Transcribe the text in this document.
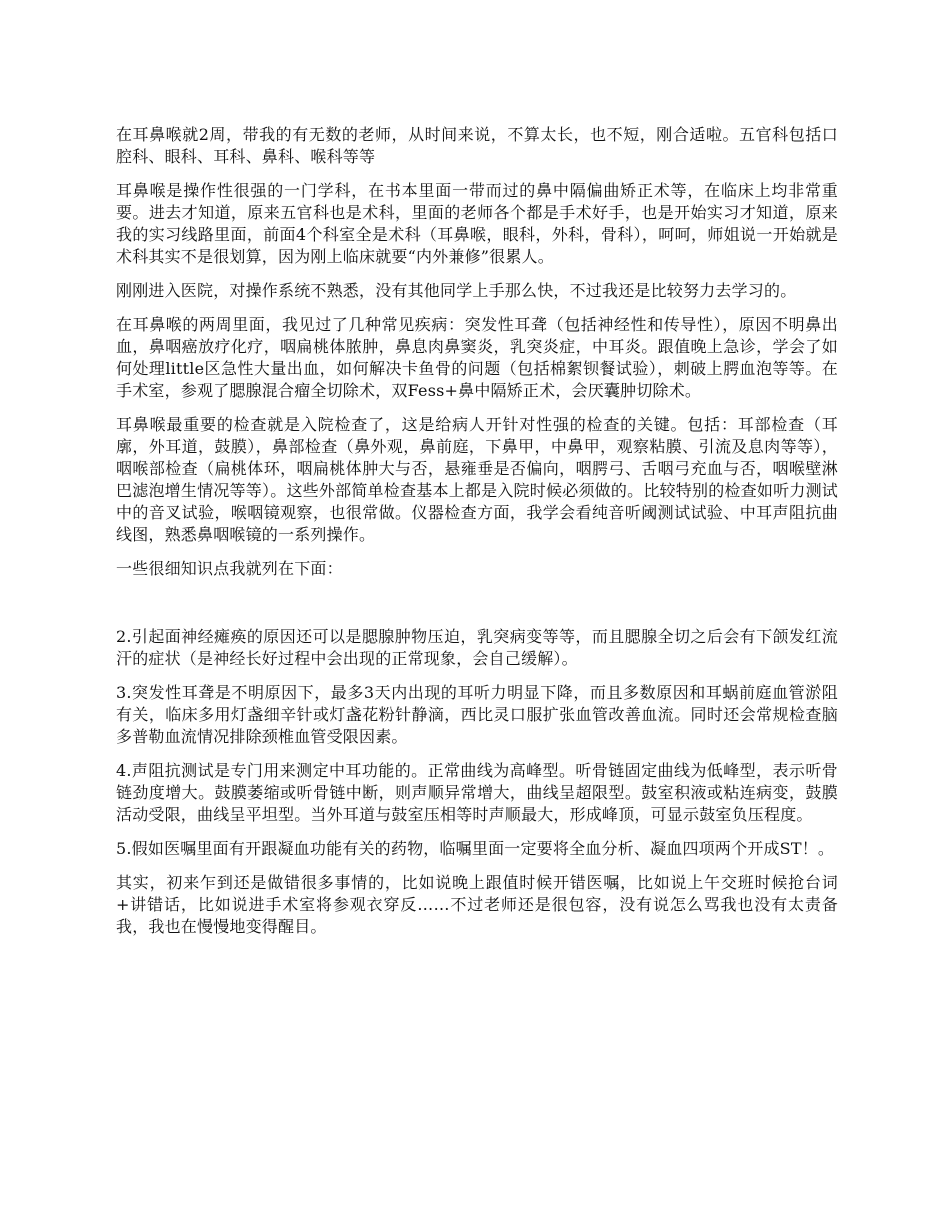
在耳鼻喉就2周，带我的有无数的老师，从时间来说，不算太长，也不短，刚合适啦。五官科包括口腔科、眼科、耳科、鼻科、喉科等等

耳鼻喉是操作性很强的一门学科，在书本里面一带而过的鼻中隔偏曲矫正术等，在临床上均非常重要。进去才知道，原来五官科也是术科，里面的老师各个都是手术好手，也是开始实习才知道，原来我的实习线路里面，前面4个科室全是术科（耳鼻喉，眼科，外科，骨科），呵呵，师姐说一开始就是术科其实不是很划算，因为刚上临床就要“内外兼修”很累人。

刚刚进入医院，对操作系统不熟悉，没有其他同学上手那么快，不过我还是比较努力去学习的。

在耳鼻喉的两周里面，我见过了几种常见疾病：突发性耳聋（包括神经性和传导性），原因不明鼻出血，鼻咽癌放疗化疗，咽扁桃体脓肿，鼻息肉鼻窦炎，乳突炎症，中耳炎。跟值晚上急诊，学会了如何处理little区急性大量出血，如何解决卡鱼骨的问题（包括棉絮钡餐试验），刺破上腭血泡等等。在手术室，参观了腮腺混合瘤全切除术，双Fess+鼻中隔矫正术，会厌囊肿切除术。

耳鼻喉最重要的检查就是入院检查了，这是给病人开针对性强的检查的关键。包括：耳部检查（耳廓，外耳道，鼓膜），鼻部检查（鼻外观，鼻前庭，下鼻甲，中鼻甲，观察粘膜、引流及息肉等等），咽喉部检查（扁桃体环，咽扁桃体肿大与否，悬雍垂是否偏向，咽腭弓、舌咽弓充血与否，咽喉壁淋巴滤泡增生情况等等）。这些外部简单检查基本上都是入院时候必须做的。比较特别的检查如听力测试中的音叉试验，喉咽镜观察，也很常做。仪器检查方面，我学会看纯音听阈测试试验、中耳声阻抗曲线图，熟悉鼻咽喉镜的一系列操作。

一些很细知识点我就列在下面：

2.引起面神经瘫痪的原因还可以是腮腺肿物压迫，乳突病变等等，而且腮腺全切之后会有下颌发红流汗的症状（是神经长好过程中会出现的正常现象，会自己缓解）。

3.突发性耳聋是不明原因下，最多3天内出现的耳听力明显下降，而且多数原因和耳蜗前庭血管淤阻有关，临床多用灯盏细辛针或灯盏花粉针静滴，西比灵口服扩张血管改善血流。同时还会常规检查脑多普勒血流情况排除颈椎血管受限因素。

4.声阻抗测试是专门用来测定中耳功能的。正常曲线为高峰型。听骨链固定曲线为低峰型，表示听骨链劲度增大。鼓膜萎缩或听骨链中断，则声顺异常增大，曲线呈超限型。鼓室积液或粘连病变，鼓膜活动受限，曲线呈平坦型。当外耳道与鼓室压相等时声顺最大，形成峰顶，可显示鼓室负压程度。

5.假如医嘱里面有开跟凝血功能有关的药物，临嘱里面一定要将全血分析、凝血四项两个开成ST！。

其实，初来乍到还是做错很多事情的，比如说晚上跟值时候开错医嘱，比如说上午交班时候抢台词+讲错话，比如说进手术室将参观衣穿反……不过老师还是很包容，没有说怎么骂我也没有太责备我，我也在慢慢地变得醒目。
